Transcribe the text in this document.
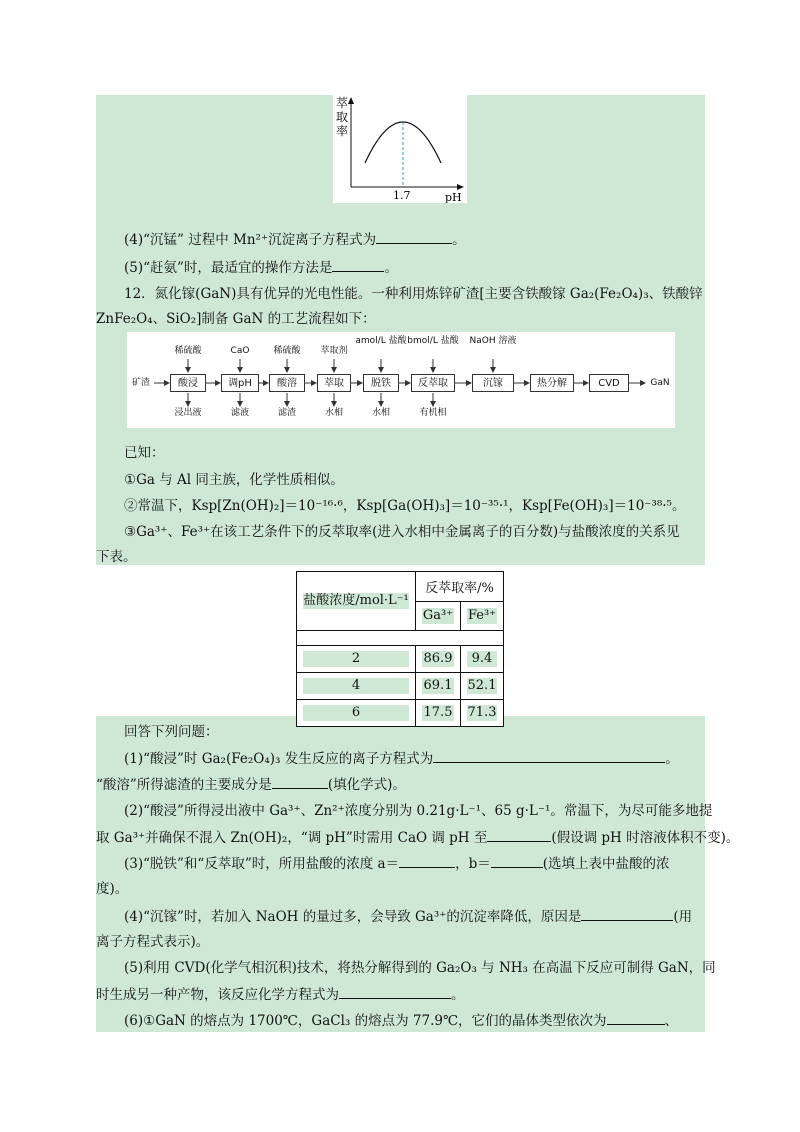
萃
取
率
1.7	pH
(4)“沉锰” 过程中 Mn²⁺沉淀离子方程式为	。
(5)“赶氨”时，最适宜的操作方法是	。
12．氮化镓(GaN)具有优异的光电性能。一种利用炼锌矿渣[主要含铁酸镓 Ga₂(Fe₂O₄)₃、铁酸锌
ZnFe₂O₄、SiO₂]制备 GaN 的工艺流程如下：
矿渣	GaN
酸浸
稀硫酸
浸出液
调pH
CaO
滤液
酸溶
稀硫酸
滤渣
萃取
萃取剂
水相
脱铁
amol/L 盐酸
水相
反萃取
bmol/L 盐酸
有机相
沉镓
NaOH 溶液
热分解	CVD
已知：
①Ga 与 Al 同主族，化学性质相似。
②常温下，Ksp[Zn(OH)₂]＝10⁻¹⁶·⁶，Ksp[Ga(OH)₃]＝10⁻³⁵·¹，Ksp[Fe(OH)₃]＝10⁻³⁸·⁵。
③Ga³⁺、Fe³⁺在该工艺条件下的反萃取率(进入水相中金属离子的百分数)与盐酸浓度的关系见
下表。
盐酸浓度/mol·L⁻¹	反萃取率/%	

	Ga³⁺	Fe³⁺

2	86.9	9.4

4	69.1	52.1

6	17.5	71.3
回答下列问题：
(1)“酸浸”时 Ga₂(Fe₂O₄)₃ 发生反应的离子方程式为	。
“酸溶”所得滤渣的主要成分是	(填化学式)。
(2)“酸浸”所得浸出液中 Ga³⁺、Zn²⁺浓度分别为 0.21g·L⁻¹、65 g·L⁻¹。常温下，为尽可能多地提
取 Ga³⁺并确保不混入 Zn(OH)₂，“调 pH”时需用 CaO 调 pH 至	(假设调 pH 时溶液体积不变)。
(3)“脱铁”和“反萃取”时，所用盐酸的浓度 a＝	，b＝	(选填上表中盐酸的浓
度)。
(4)“沉镓”时，若加入 NaOH 的量过多，会导致 Ga³⁺的沉淀率降低，原因是	(用
离子方程式表示)。
(5)利用 CVD(化学气相沉积)技术，将热分解得到的 Ga₂O₃ 与 NH₃ 在高温下反应可制得 GaN，同
时生成另一种产物，该反应化学方程式为	。
(6)①GaN 的熔点为 1700℃，GaCl₃ 的熔点为 77.9℃，它们的晶体类型依次为	、
